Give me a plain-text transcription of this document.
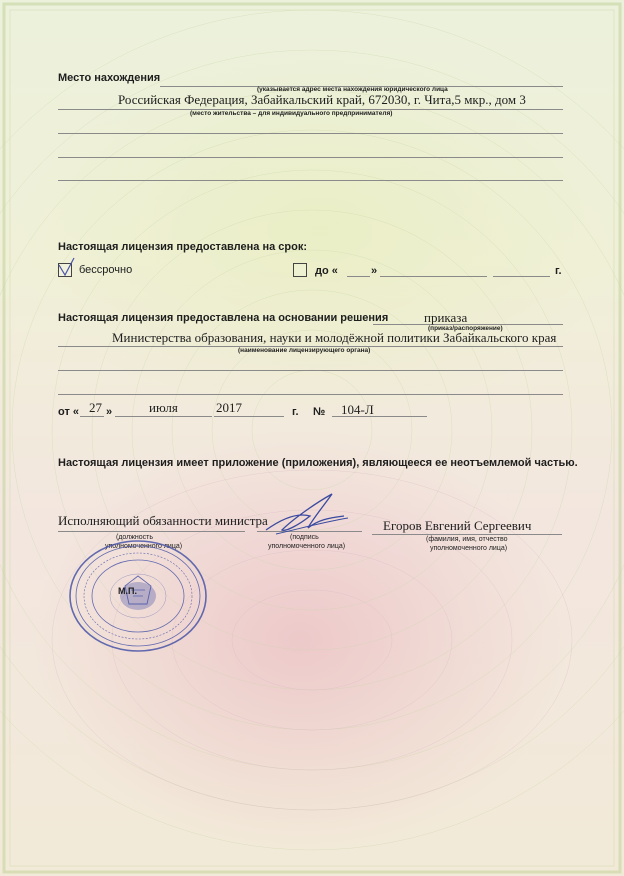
Место нахождения
(указывается адрес места нахождения юридического лица
Российская Федерация, Забайкальский край, 672030, г. Чита,5 мкр., дом 3
(место жительства – для индивидуального предпринимателя)
Настоящая лицензия предоставлена на срок:
бессрочно	до «	»	г.
Настоящая лицензия предоставлена на основании решения	приказа
(приказ/распоряжение)
Министерства образования, науки и молодёжной политики Забайкальского края
(наименование лицензирующего органа)
от « 27 »	июля	2017	г. № 104-Л
Настоящая лицензия имеет приложение (приложения), являющееся ее неотъемлемой частью.
Исполняющий обязанности министра
(должность
уполномоченного лица)
(подпись
уполномоченного лица)
Егоров Евгений Сергеевич
(фамилия, имя, отчество
уполномоченного лица)
М.П.
